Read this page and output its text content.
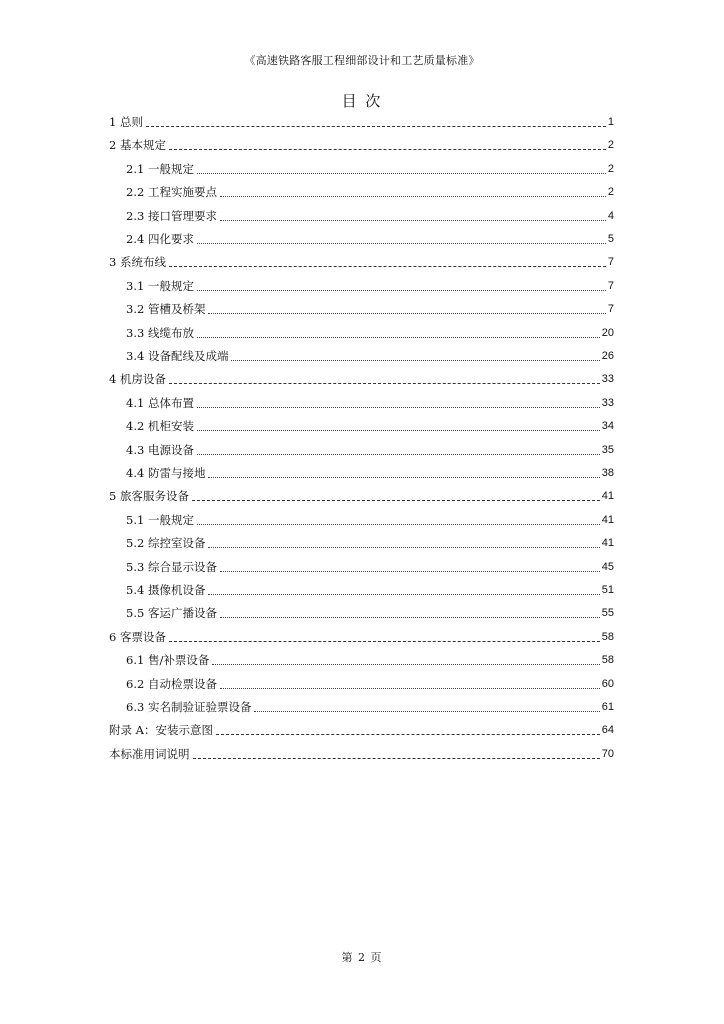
《高速铁路客服工程细部设计和工艺质量标准》
目 次
1 总则	1
2 基本规定	2
2.1 一般规定	2
2.2 工程实施要点	2
2.3 接口管理要求	4
2.4 四化要求	5
3 系统布线	7
3.1 一般规定	7
3.2 管槽及桥架	7
3.3 线缆布放	20
3.4 设备配线及成端	26
4 机房设备	33
4.1 总体布置	33
4.2 机柜安装	34
4.3 电源设备	35
4.4 防雷与接地	38
5 旅客服务设备	41
5.1 一般规定	41
5.2 综控室设备	41
5.3 综合显示设备	45
5.4 摄像机设备	51
5.5 客运广播设备	55
6 客票设备	58
6.1 售/补票设备	58
6.2 自动检票设备	60
6.3 实名制验证验票设备	61
附录 A：安装示意图	64
本标准用词说明	70
第 2 页
